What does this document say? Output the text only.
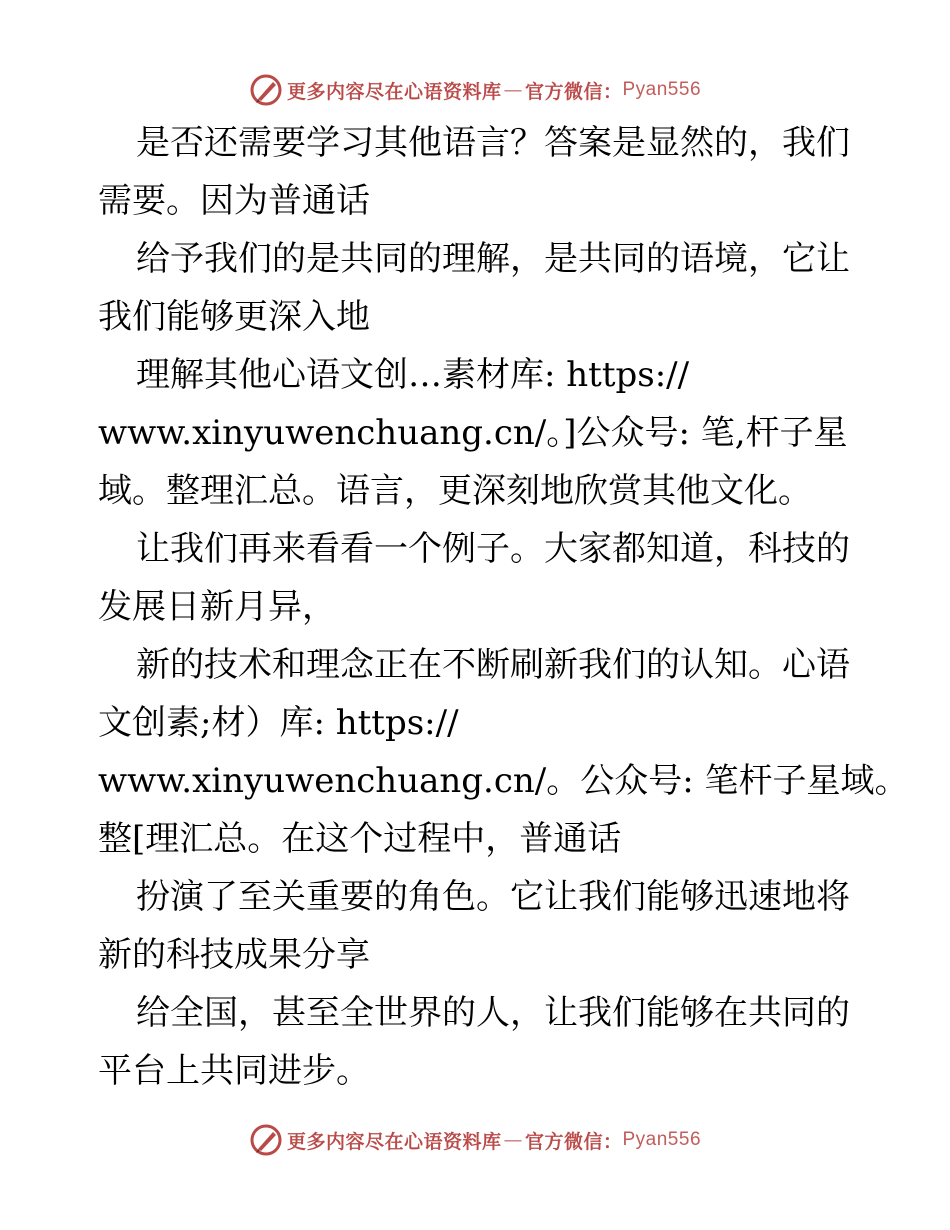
更多内容尽在心语资料库 — 官方微信： Pyan556
是否还需要学习其他语言？答案是显然的，我们
需要。因为普通话
给予我们的是共同的理解，是共同的语境，它让
我们能够更深入地
理解其他心语文创…素材库: https://
www.xinyuwenchuang.cn/。]公众号: 笔,杆子星
域。整理汇总。语言，更深刻地欣赏其他文化。
让我们再来看看一个例子。大家都知道，科技的
发展日新月异，
新的技术和理念正在不断刷新我们的认知。心语
文创素;材）库: https://
www.xinyuwenchuang.cn/。公众号: 笔杆子星域。
整[理汇总。在这个过程中，普通话
扮演了至关重要的角色。它让我们能够迅速地将
新的科技成果分享
给全国，甚至全世界的人，让我们能够在共同的
平台上共同进步。
更多内容尽在心语资料库 — 官方微信： Pyan556
